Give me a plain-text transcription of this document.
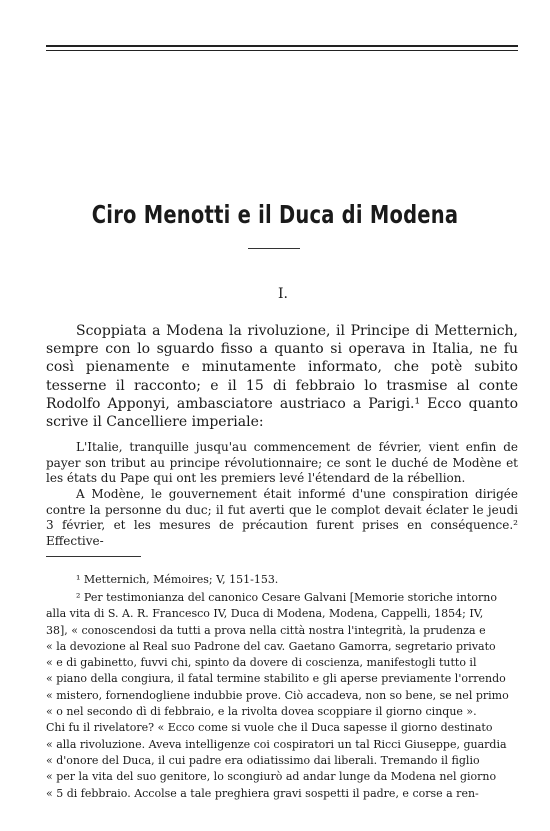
Ciro Menotti e il Duca di Modena
I.

Scoppiata a Modena la rivoluzione, il Principe di Metternich, sempre con lo sguardo fisso a quanto si operava in Italia, ne fu così pienamente e minutamente informato, che potè subito tesserne il racconto; e il 15 di febbraio lo trasmise al conte Rodolfo Apponyi, ambasciatore austriaco a Parigi.¹ Ecco quanto scrive il Cancelliere imperiale:

L'Italie, tranquille jusqu'au commencement de février, vient enfin de payer son tribut au principe révolutionnaire; ce sont le duché de Modène et les états du Pape qui ont les premiers levé l'étendard de la rébellion.

A Modène, le gouvernement était informé d'une conspiration dirigée contre la personne du duc; il fut averti que le complot devait éclater le jeudi 3 février, et les mesures de précaution furent prises en conséquence.² Effective-

¹ Metternich, Mémoires; V, 151-153.

² Per testimonianza del canonico Cesare Galvani [Memorie storiche intorno
alla vita di S. A. R. Francesco IV, Duca di Modena, Modena, Cappelli, 1854; IV,
38], « conoscendosi da tutti a prova nella città nostra l'integrità, la prudenza e
« la devozione al Real suo Padrone del cav. Gaetano Gamorra, segretario privato
« e di gabinetto, fuvvi chi, spinto da dovere di coscienza, manifestogli tutto il
« piano della congiura, il fatal termine stabilito e gli aperse previamente l'orrendo
« mistero, fornendogliene indubbie prove. Ciò accadeva, non so bene, se nel primo
« o nel secondo dì di febbraio, e la rivolta dovea scoppiare il giorno cinque ».
Chi fu il rivelatore? « Ecco come si vuole che il Duca sapesse il giorno destinato
« alla rivoluzione. Aveva intelligenze coi cospiratori un tal Ricci Giuseppe, guardia
« d'onore del Duca, il cui padre era odiatissimo dai liberali. Tremando il figlio
« per la vita del suo genitore, lo scongiurò ad andar lunge da Modena nel giorno
« 5 di febbraio. Accolse a tale preghiera gravi sospetti il padre, e corse a ren-
